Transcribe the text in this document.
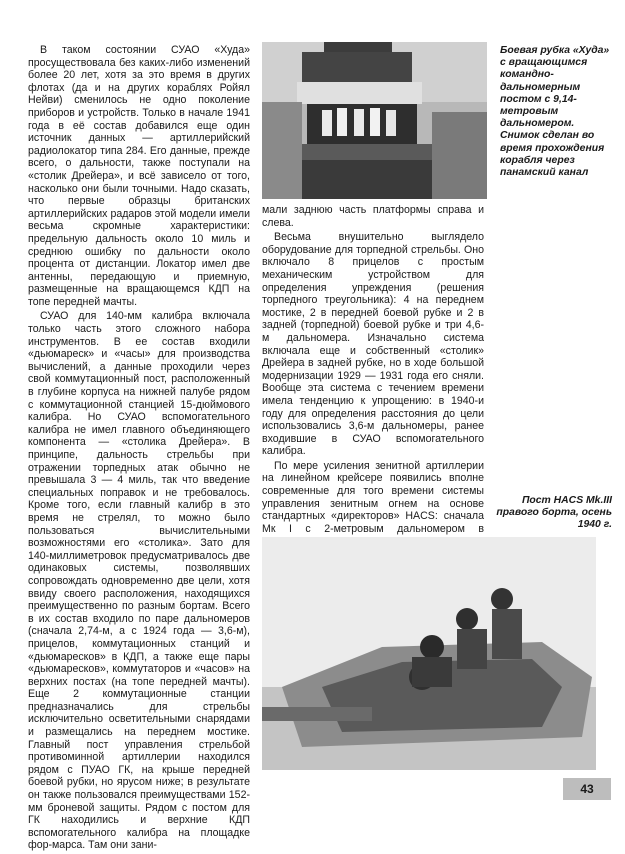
В таком состоянии СУАО «Худа» просуществовала без каких-либо изменений более 20 лет, хотя за это время в других флотах (да и на других кораблях Ройял Нейви) сменилось не одно поколение приборов и устройств. Только в начале 1941 года в её состав добавился еще один источник данных — артиллерийский радиолокатор типа 284. Его данные, прежде всего, о дальности, также поступали на «столик Дрейера», и всё зависело от того, насколько они были точными. Надо сказать, что первые образцы британских артиллерийских радаров этой модели имели весьма скромные характеристики: предельную дальность около 10 миль и среднюю ошибку по дальности около процента от дистанции. Локатор имел две антенны, передающую и приемную, размещенные на вращающемся КДП на топе передней мачты.

СУАО для 140-мм калибра включала только часть этого сложного набора инструментов. В ее состав входили «дьюмареск» и «часы» для производства вычислений, а данные проходили через свой коммутационный пост, расположенный в глубине корпуса на нижней палубе рядом с коммутационной станцией 15-дюймового калибра. Но СУАО вспомогательного калибра не имел главного объединяющего компонента — «столика Дрейера». В принципе, дальность стрельбы при отражении торпедных атак обычно не превышала 3 — 4 миль, так что введение специальных поправок и не требовалось. Кроме того, если главный калибр в это время не стрелял, то можно было пользоваться вычислительными возможностями его «столика». Зато для 140-миллиметровок предусматривалось две одинаковых системы, позволявших сопровождать одновременно две цели, хотя ввиду своего расположения, находящихся преимущественно по разным бортам. Всего в их состав входило по паре дальномеров (сначала 2,74-м, а с 1924 года — 3,6-м), прицелов, коммутационных станций и «дьюмаресков» в КДП, а также еще пары «дьюмаресков», коммутаторов и «часов» на верхних постах (на топе передней мачты). Еще 2 коммутационные станции предназначались для стрельбы исключительно осветительными снарядами и размещались на переднем мостике. Главный пост управления стрельбой противоминной артиллерии находился рядом с ПУАО ГК, на крыше передней боевой рубки, но ярусом ниже; в результате он также пользовался преимуществами 152-мм броневой защиты. Рядом с постом для ГК находились и верхние КДП вспомогательного калибра на площадке фор-марса. Там они зани-

Боевая рубка «Худа» с вращающимся командно-дальномерным постом с 9,14-метровым дальномером. Снимок сделан во время прохождения корабля через панамский канал

мали заднюю часть платформы справа и слева.

Весьма внушительно выглядело оборудование для торпедной стрельбы. Оно включало 8 прицелов с простым механическим устройством для определения упреждения (решения торпедного треугольника): 4 на переднем мостике, 2 в передней боевой рубке и 2 в задней (торпедной) боевой рубке и три 4,6-м дальномера. Изначально система включала еще и собственный «столик» Дрейера в задней рубке, но в ходе большой модернизации 1929 — 1931 года его сняли. Вообще эта система с течением времени имела тенденцию к упрощению: в 1940-и году для определения расстояния до цели использовались 3,6-м дальномеры, ранее входившие в СУАО вспомогательного калибра.

По мере усиления зенитной артиллерии на линейном крейсере появились вполне современные для того времени системы управления зенитным огнем на основе стандартных «директоров» HACS: сначала Мк I с 2-метровым дальномером в

Пост HACS Mk.III правого борта, осень 1940 г.
43
